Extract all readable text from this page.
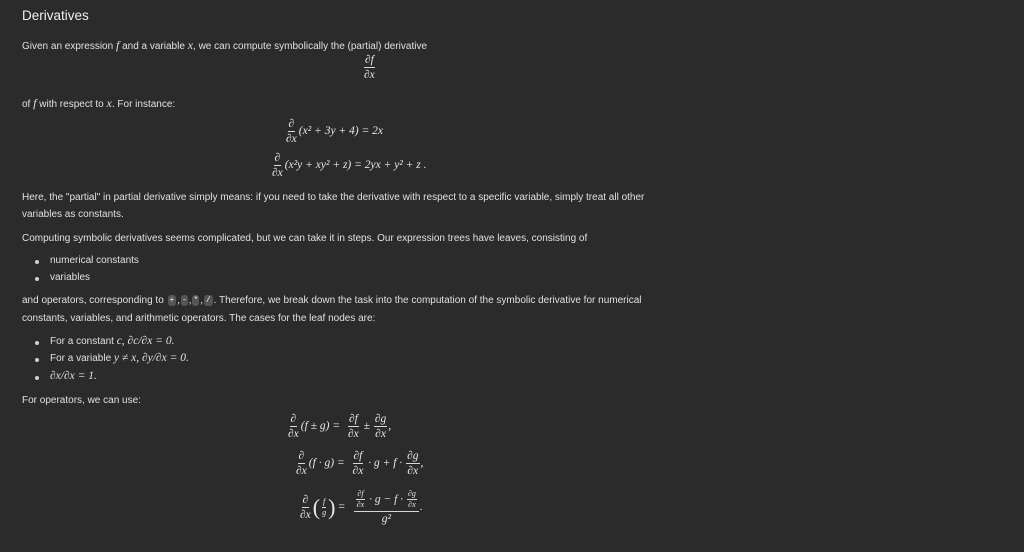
Derivatives
Given an expression f and a variable x, we can compute symbolically the (partial) derivative
$\frac{\partial f}{\partial x}$
of f with respect to x. For instance:
$\frac{\partial}{\partial x} (x^2 + 3y + 4) = 2x$
$\frac{\partial}{\partial x} (x^2y + xy^2 + z) = 2yx + y^2 + z$ .
Here, the "partial" in partial derivative simply means: if you need to take the derivative with respect to a specific variable, simply treat all other
variables as constants.
Computing symbolic derivatives seems complicated, but we can take it in steps. Our expression trees have leaves, consisting of
numerical constants
variables
and operators, corresponding to + , - , * , / . Therefore, we break down the task into the computation of the symbolic derivative for numerical
constants, variables, and arithmetic operators. The cases for the leaf nodes are:
For a constant c, ∂c/∂x = 0.
For a variable y ≠ x, ∂y/∂x = 0.
∂x/∂x = 1.
For operators, we can use:
$\frac{\partial}{\partial x} (f \pm g) = \frac{\partial f}{\partial x} \pm \frac{\partial g}{\partial x}$ ,
$\frac{\partial}{\partial x} (f \cdot g) = \frac{\partial f}{\partial x} \cdot g + f \cdot \frac{\partial g}{\partial x}$ ,
$\frac{\partial}{\partial x}$ ( $\frac{f}{g}$ ) = $\frac{\frac{\partial f}{\partial x} \cdot g - f \cdot \frac{\partial g}{\partial x}}{\text{g²}}$ .
